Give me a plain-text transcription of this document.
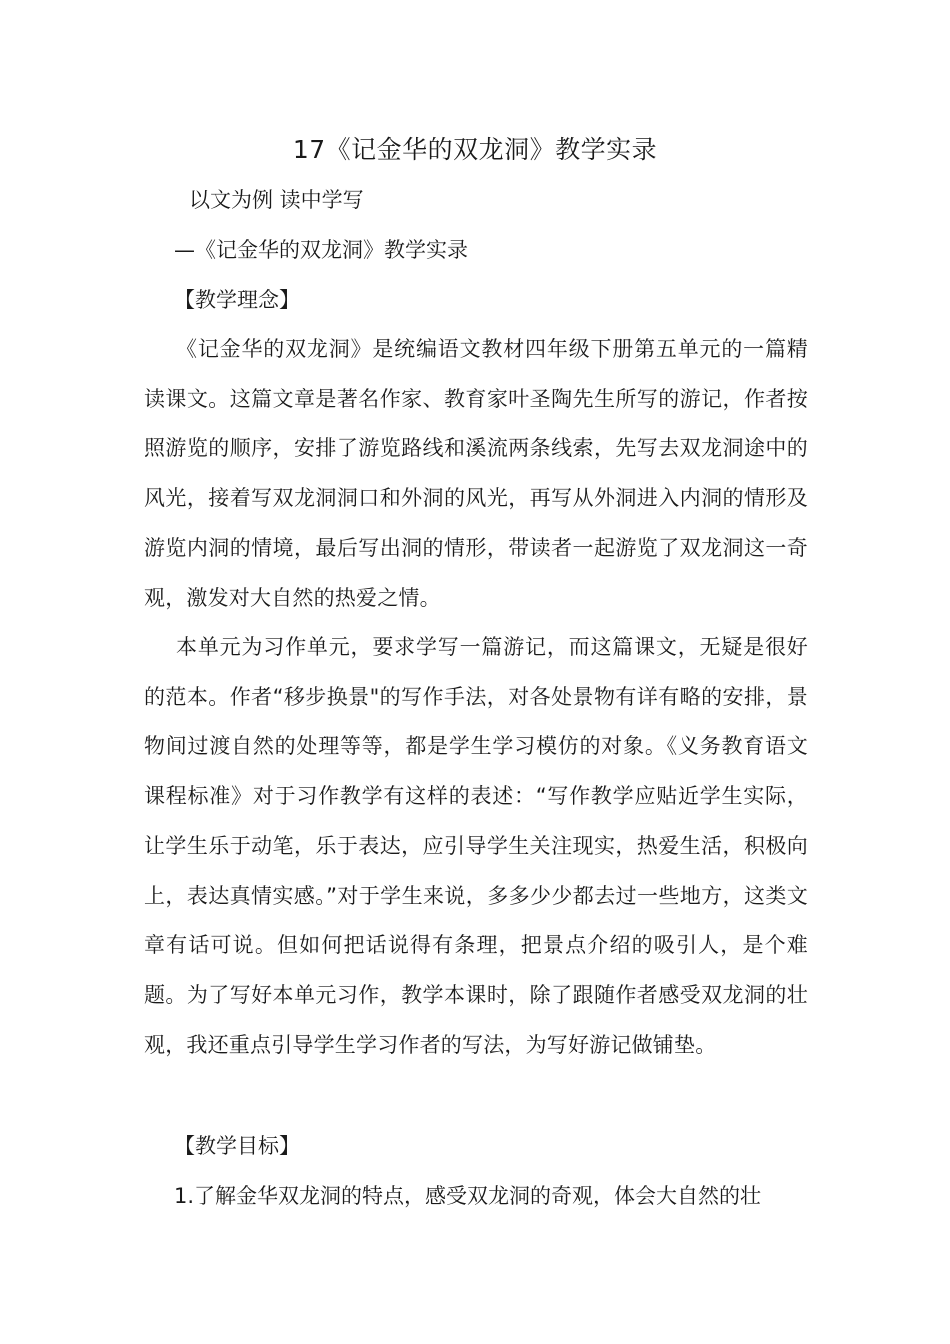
17《记金华的双龙洞》教学实录
以文为例 读中学写
—《记金华的双龙洞》教学实录
【教学理念】

《记金华的双龙洞》是统编语文教材四年级下册第五单元的一篇精读课文。这篇文章是著名作家、教育家叶圣陶先生所写的游记，作者按照游览的顺序，安排了游览路线和溪流两条线索，先写去双龙洞途中的风光，接着写双龙洞洞口和外洞的风光，再写从外洞进入内洞的情形及游览内洞的情境，最后写出洞的情形，带读者一起游览了双龙洞这一奇观，激发对大自然的热爱之情。

本单元为习作单元，要求学写一篇游记，而这篇课文，无疑是很好的范本。作者“移步换景"的写作手法，对各处景物有详有略的安排，景物间过渡自然的处理等等，都是学生学习模仿的对象。《义务教育语文课程标准》对于习作教学有这样的表述：“写作教学应贴近学生实际，让学生乐于动笔，乐于表达，应引导学生关注现实，热爱生活，积极向上，表达真情实感。”对于学生来说，多多少少都去过一些地方，这类文章有话可说。但如何把话说得有条理，把景点介绍的吸引人，是个难题。为了写好本单元习作，教学本课时，除了跟随作者感受双龙洞的壮观，我还重点引导学生学习作者的写法，为写好游记做铺垫。

【教学目标】
1.了解金华双龙洞的特点，感受双龙洞的奇观，体会大自然的壮
